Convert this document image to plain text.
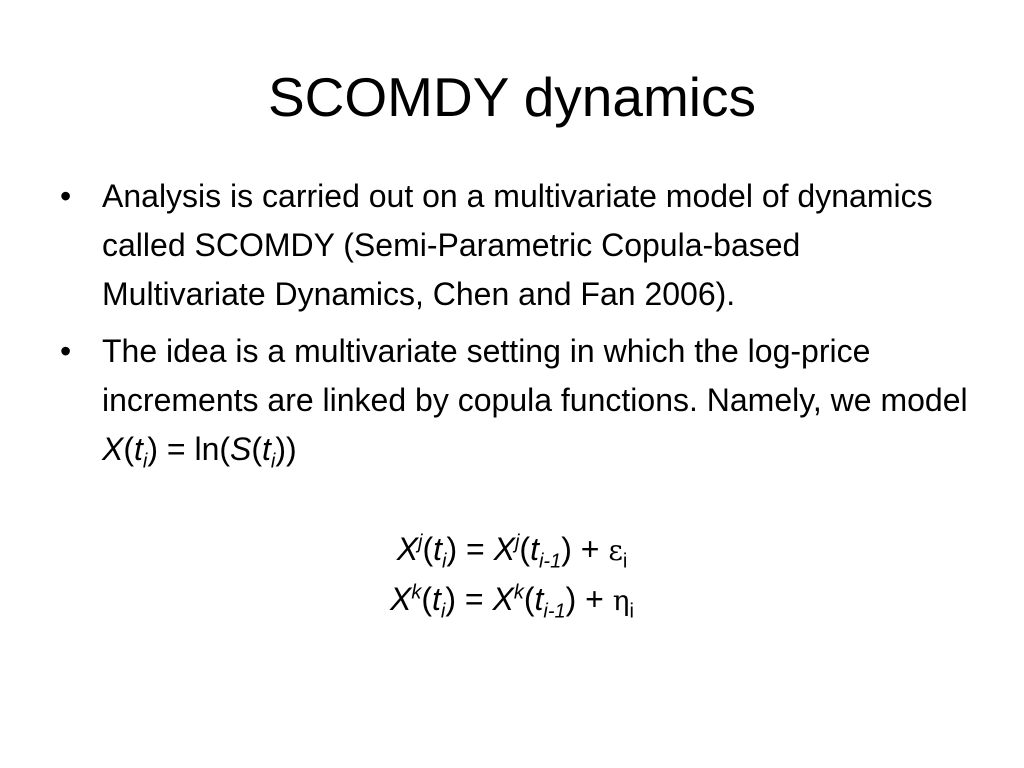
SCOMDY dynamics
• Analysis is carried out on a multivariate model of dynamics called SCOMDY (Semi-Parametric Copula-based Multivariate Dynamics, Chen and Fan 2006).
• The idea is a multivariate setting in which the log-price increments are linked by copula functions. Namely, we model $X(t_i) = \ln(S(t_i))$
$X^j(t_i) = X^j(t_{i-1}) + \varepsilon_i$
$X^k(t_i) = X^k(t_{i-1}) + \eta_i$
